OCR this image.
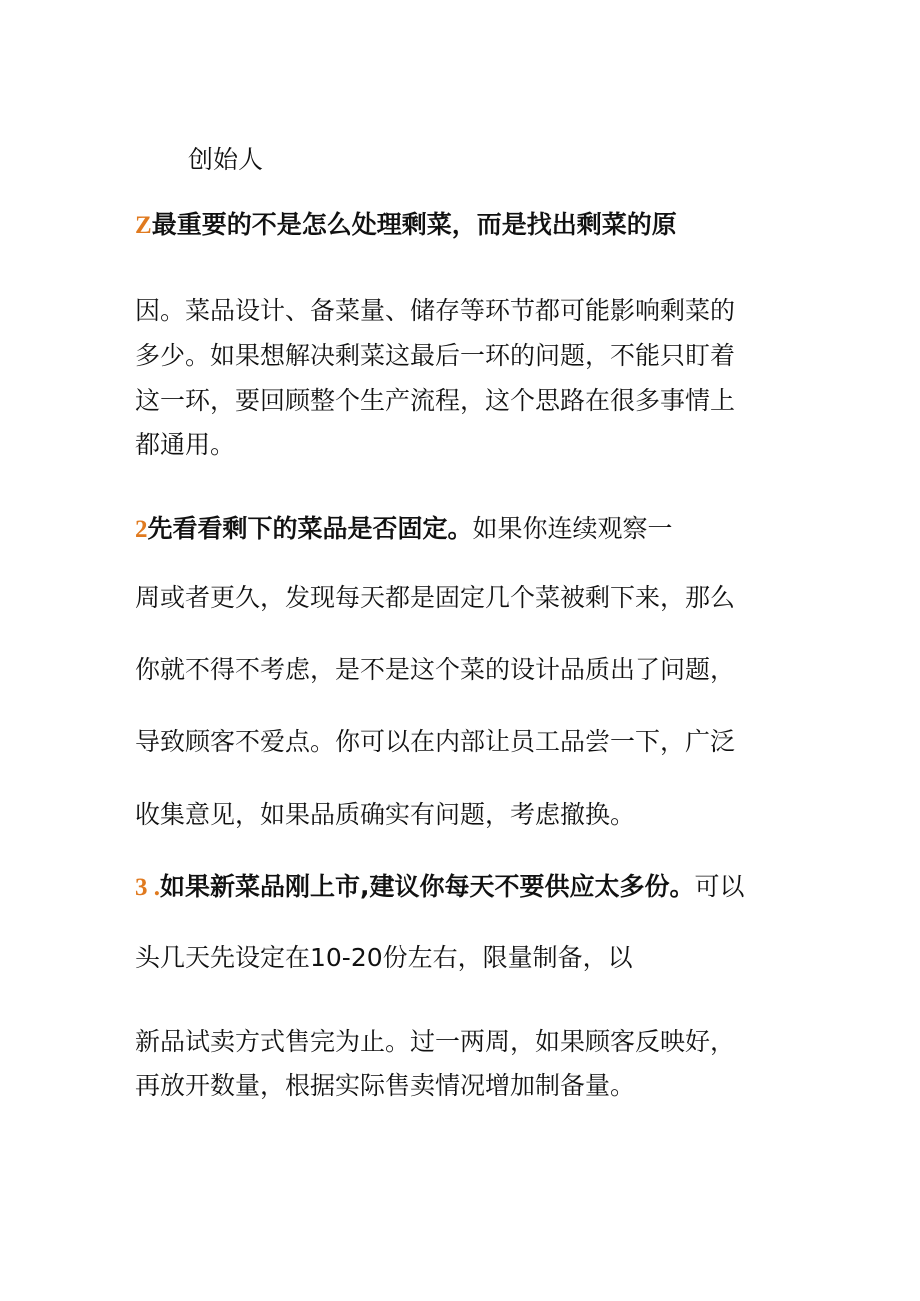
创始人

Z最重要的不是怎么处理剩菜，而是找出剩菜的原

因。菜品设计、备菜量、储存等环节都可能影响剩菜的

多少。如果想解决剩菜这最后一环的问题，不能只盯着

这一环，要回顾整个生产流程，这个思路在很多事情上

都通用。

2先看看剩下的菜品是否固定。如果你连续观察一

周或者更久，发现每天都是固定几个菜被剩下来，那么

你就不得不考虑，是不是这个菜的设计品质出了问题，

导致顾客不爱点。你可以在内部让员工品尝一下，广泛

收集意见，如果品质确实有问题，考虑撤换。

3 .如果新菜品刚上市,建议你每天不要供应太多份。可以

头几天先设定在10-20份左右，限量制备，以

新品试卖方式售完为止。过一两周，如果顾客反映好，

再放开数量，根据实际售卖情况增加制备量。
